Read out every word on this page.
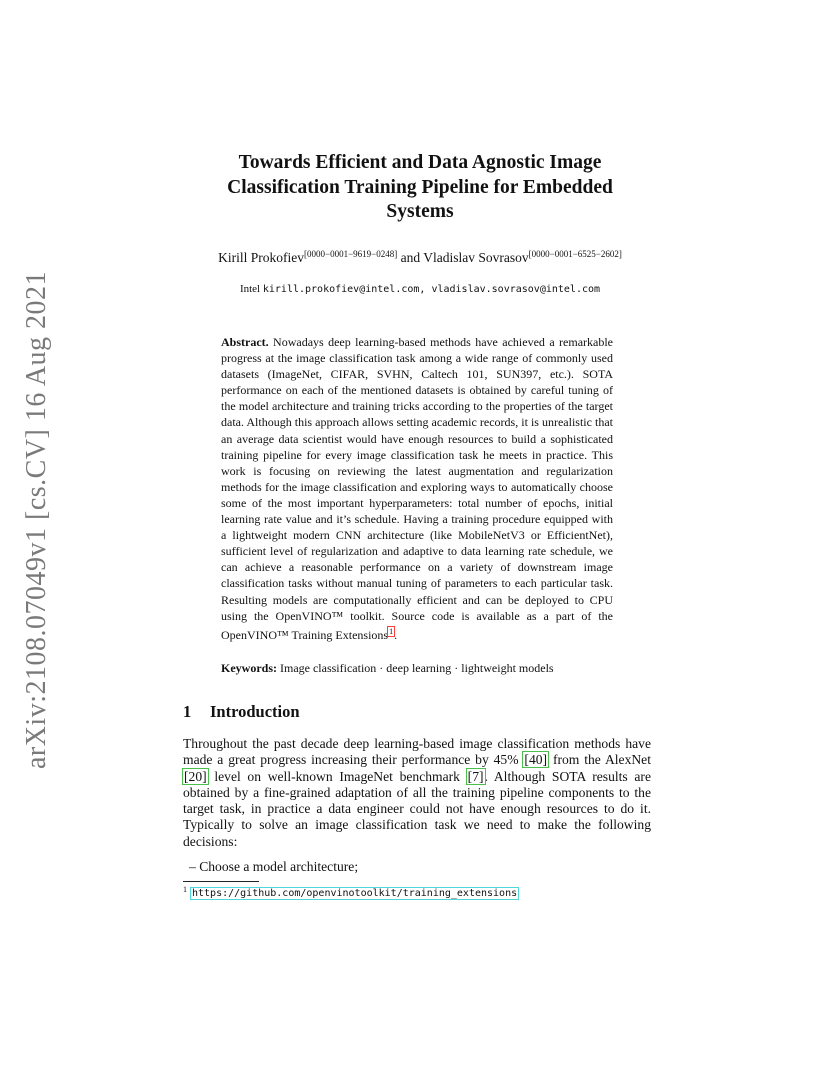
arXiv:2108.07049v1 [cs.CV] 16 Aug 2021
Towards Efficient and Data Agnostic Image
Classification Training Pipeline for Embedded
Systems
Kirill Prokofiev[0000−0001−9619−0248] and Vladislav Sovrasov[0000−0001−6525−2602]
Intel kirill.prokofiev@intel.com, vladislav.sovrasov@intel.com
Abstract. Nowadays deep learning-based methods have achieved a remarkable progress at the image classification task among a wide range of commonly used datasets (ImageNet, CIFAR, SVHN, Caltech 101, SUN397, etc.). SOTA performance on each of the mentioned datasets is obtained by careful tuning of the model architecture and training tricks according to the properties of the target data. Although this approach allows setting academic records, it is unrealistic that an average data scientist would have enough resources to build a sophisticated training pipeline for every image classification task he meets in practice. This work is focusing on reviewing the latest augmentation and regularization methods for the image classification and exploring ways to automatically choose some of the most important hyperparameters: total number of epochs, initial learning rate value and it’s schedule. Having a training procedure equipped with a lightweight modern CNN architecture (like MobileNetV3 or EfficientNet), sufficient level of regularization and adaptive to data learning rate schedule, we can achieve a reasonable performance on a variety of downstream image classification tasks without manual tuning of parameters to each particular task. Resulting models are computationally efficient and can be deployed to CPU using the OpenVINO™ toolkit. Source code is available as a part of the OpenVINO™ Training Extensions$^1$.
Keywords: Image classification · deep learning · lightweight models
1 Introduction
Throughout the past decade deep learning-based image classification methods have made a great progress increasing their performance by 45% [40] from the AlexNet [20] level on well-known ImageNet benchmark [7]. Although SOTA results are obtained by a fine-grained adaptation of all the training pipeline components to the target task, in practice a data engineer could not have enough resources to do it. Typically to solve an image classification task we need to make the following decisions:
– Choose a model architecture;
$^1$ https://github.com/openvinotoolkit/training_extensions
